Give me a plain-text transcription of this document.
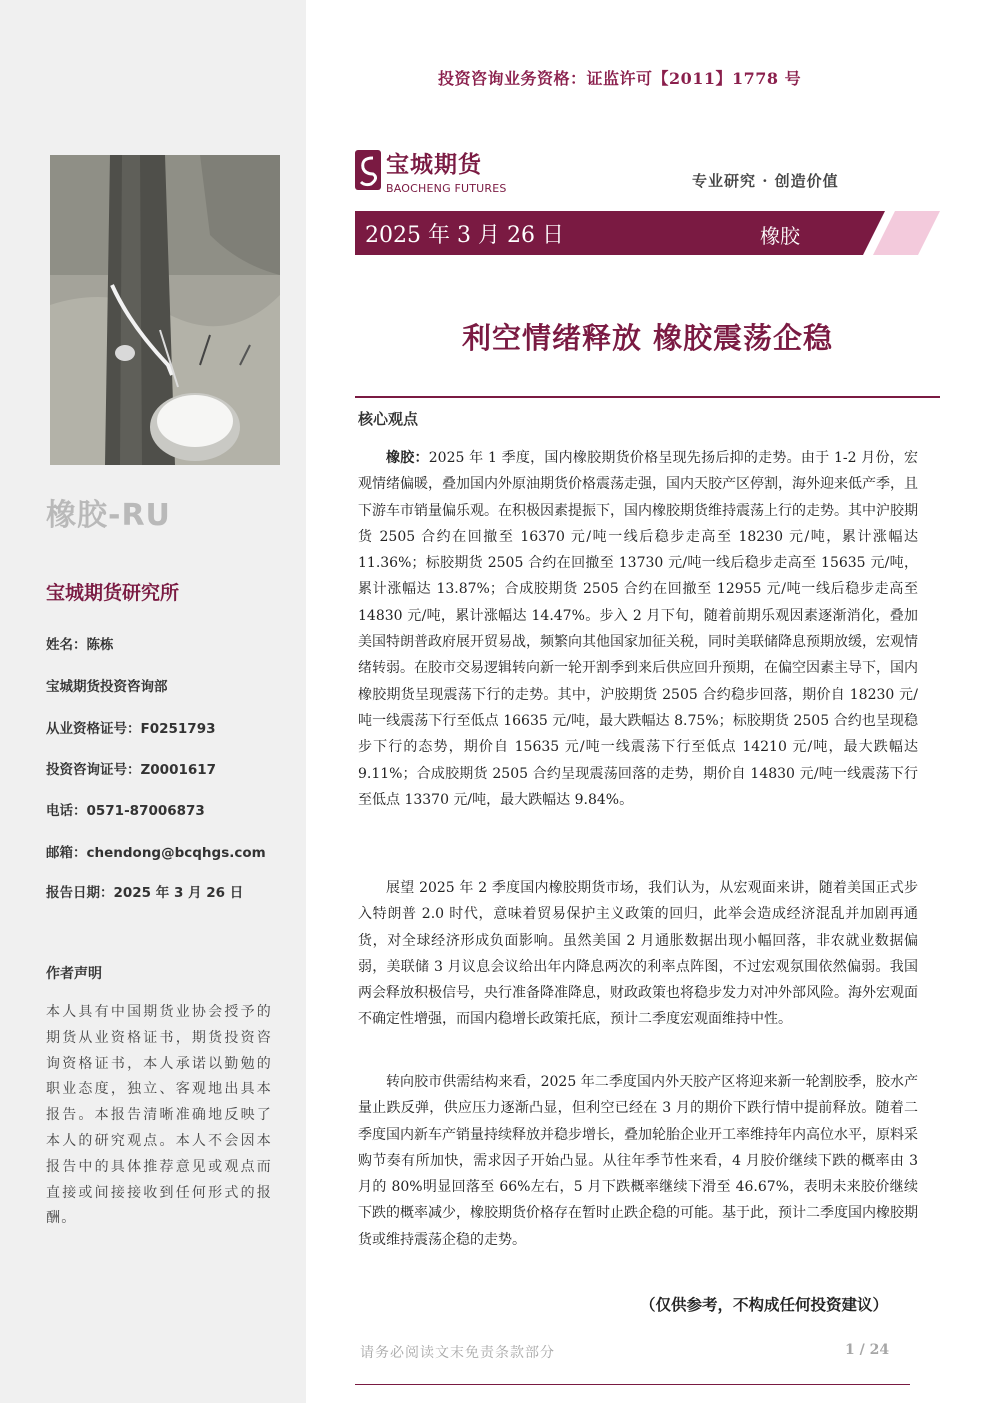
橡胶-RU
宝城期货研究所
姓名：陈栋
宝城期货投资咨询部
从业资格证号：F0251793
投资咨询证号：Z0001617
电话：0571-87006873
邮箱：chendong@bcqhgs.com
报告日期：2025 年 3 月 26 日
作者声明
本人具有中国期货业协会授予的期货从业资格证书，期货投资咨询资格证书，本人承诺以勤勉的职业态度，独立、客观地出具本报告。本报告清晰准确地反映了本人的研究观点。本人不会因本报告中的具体推荐意见或观点而直接或间接接收到任何形式的报酬。
投资咨询业务资格：证监许可【2011】1778 号
宝城期货
BAOCHENG FUTURES	专业研究 · 创造价值
2025 年 3 月 26 日	橡胶
利空情绪释放 橡胶震荡企稳
核心观点

橡胶：2025 年 1 季度，国内橡胶期货价格呈现先扬后抑的走势。由于 1-2 月份，宏观情绪偏暖，叠加国内外原油期货价格震荡走强，国内天胶产区停割，海外迎来低产季，且下游车市销量偏乐观。在积极因素提振下，国内橡胶期货维持震荡上行的走势。其中沪胶期货 2505 合约在回撤至 16370 元/吨一线后稳步走高至 18230 元/吨，累计涨幅达 11.36%；标胶期货 2505 合约在回撤至 13730 元/吨一线后稳步走高至 15635 元/吨，累计涨幅达 13.87%；合成胶期货 2505 合约在回撤至 12955 元/吨一线后稳步走高至 14830 元/吨，累计涨幅达 14.47%。步入 2 月下旬，随着前期乐观因素逐渐消化，叠加美国特朗普政府展开贸易战，频繁向其他国家加征关税，同时美联储降息预期放缓，宏观情绪转弱。在胶市交易逻辑转向新一轮开割季到来后供应回升预期，在偏空因素主导下，国内橡胶期货呈现震荡下行的走势。其中，沪胶期货 2505 合约稳步回落，期价自 18230 元/吨一线震荡下行至低点 16635 元/吨，最大跌幅达 8.75%；标胶期货 2505 合约也呈现稳步下行的态势，期价自 15635 元/吨一线震荡下行至低点 14210 元/吨，最大跌幅达 9.11%；合成胶期货 2505 合约呈现震荡回落的走势，期价自 14830 元/吨一线震荡下行至低点 13370 元/吨，最大跌幅达 9.84%。

展望 2025 年 2 季度国内橡胶期货市场，我们认为，从宏观面来讲，随着美国正式步入特朗普 2.0 时代，意味着贸易保护主义政策的回归，此举会造成经济混乱并加剧再通货，对全球经济形成负面影响。虽然美国 2 月通胀数据出现小幅回落，非农就业数据偏弱，美联储 3 月议息会议给出年内降息两次的利率点阵图，不过宏观氛围依然偏弱。我国两会释放积极信号，央行准备降准降息，财政政策也将稳步发力对冲外部风险。海外宏观面不确定性增强，而国内稳增长政策托底，预计二季度宏观面维持中性。

转向胶市供需结构来看，2025 年二季度国内外天胶产区将迎来新一轮割胶季，胶水产量止跌反弹，供应压力逐渐凸显，但利空已经在 3 月的期价下跌行情中提前释放。随着二季度国内新车产销量持续释放并稳步增长，叠加轮胎企业开工率维持年内高位水平，原料采购节奏有所加快，需求因子开始凸显。从往年季节性来看，4 月胶价继续下跌的概率由 3 月的 80%明显回落至 66%左右，5 月下跌概率继续下滑至 46.67%，表明未来胶价继续下跌的概率减少，橡胶期货价格存在暂时止跌企稳的可能。基于此，预计二季度国内橡胶期货或维持震荡企稳的走势。

（仅供参考，不构成任何投资建议）
请务必阅读文末免责条款部分	1 / 24
